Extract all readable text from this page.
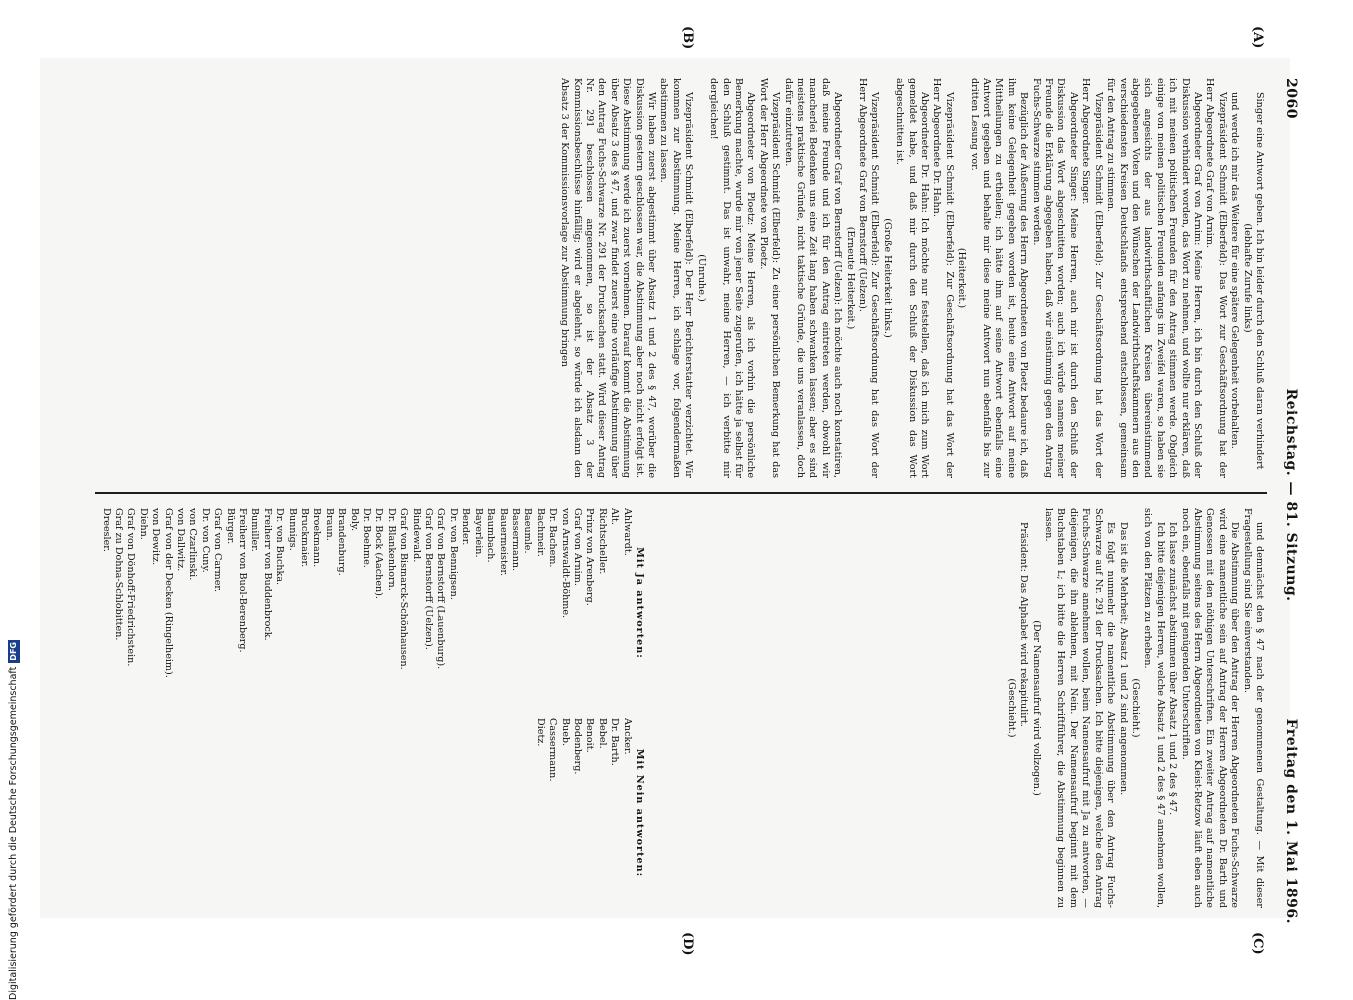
2060
Reichstag. — 81. Sitzung.
Freitag den 1. Mai 1896.
(A)
(B)
(C)
(D)

Singer eine Antwort geben. Ich bin leider durch den Schluß daran verhindert

(lebhafte Zurufe links)

und werde ich mir das Weitere für eine spätere Gelegenheit vorbehalten.

Vizepräsident Schmidt (Elberfeld): Das Wort zur Geschäftsordnung hat der Herr Abgeordnete Graf von Arnim.

Abgeordneter Graf von Arnim: Meine Herren, ich bin durch den Schluß der Diskussion verhindert worden, das Wort zu nehmen, und wollte nur erklären, daß ich mit meinen politischen Freunden für den Antrag stimmen werde. Obgleich einige von meinen politischen Freunden anfangs im Zweifel waren, so haben sie sich angesichts der aus landwirthschaftlichen Kreisen übereinstimmend abgegebenen Voten und den Wünschen der Landwirthschaftskammern aus den verschiedensten Kreisen Deutschlands entsprechend entschlossen, gemeinsam für den Antrag zu stimmen.

Vizepräsident Schmidt (Elberfeld): Zur Geschäftsordnung hat das Wort der Herr Abgeordnete Singer.

Abgeordneter Singer: Meine Herren, auch mir ist durch den Schluß der Diskussion das Wort abgeschnitten worden; auch ich würde namens meiner Freunde die Erklärung abgegeben haben, daß wir einstimmig gegen den Antrag Fuchs-Schwarze stimmen werden.

Bezüglich der Äußerung des Herrn Abgeordneten von Ploetz bedaure ich, daß ihm keine Gelegenheit gegeben worden ist, heute eine Antwort auf meine Mittheilungen zu ertheilen; ich hätte ihm auf seine Antwort ebenfalls eine Antwort gegeben und behalte mir diese meine Antwort nun ebenfalls bis zur dritten Lesung vor.

(Heiterkeit.)

Vizepräsident Schmidt (Elberfeld): Zur Geschäftsordnung hat das Wort der Herr Abgeordnete Dr. Hahn.

Abgeordneter Dr. Hahn: Ich möchte nur feststellen, daß ich mich zum Wort gemeldet habe, und daß mir durch den Schluß der Diskussion das Wort abgeschnitten ist.

(Große Heiterkeit links.)

Vizepräsident Schmidt (Elberfeld): Zur Geschäftsordnung hat das Wort der Herr Abgeordnete Graf von Bernstorff (Uelzen).

(Erneute Heiterkeit.)

Abgeordneter Graf von Bernstorff (Uelzen): Ich möchte auch noch konstatiren, daß meine Freunde und ich für den Antrag eintreten werden, obwohl wir mancherlei Bedenken uns eine Zeit lang haben schwanken lassen; aber es sind meistens praktische Gründe, nicht taktische Gründe, die uns veranlassen, doch dafür einzutreten.

Vizepräsident Schmidt (Elberfeld): Zu einer persönlichen Bemerkung hat das Wort der Herr Abgeordnete von Ploetz.

Abgeordneter von Ploetz: Meine Herren, als ich vorhin die persönliche Bemerkung machte, wurde mir von jener Seite zugerufen, ich hätte ja selbst für den Schluß gestimmt. Das ist unwahr, meine Herren, — ich verbitte mir dergleichen!

(Unruhe.)

Vizepräsident Schmidt (Elberfeld): Der Herr Berichterstatter verzichtet. Wir kommen zur Abstimmung. Meine Herren, ich schlage vor, folgendermaßen abstimmen zu lassen.

Wir haben zuerst abgestimmt über Absatz 1 und 2 des § 47, worüber die Diskussion gestern geschlossen war, die Abstimmung aber noch nicht erfolgt ist. Diese Abstimmung werde ich zuerst vornehmen. Darauf kommt die Abstimmung über Absatz 3 des § 47, und zwar findet zuerst eine vorläufige Abstimmung über den Antrag Fuchs-Schwarze Nr. 291 der Drucksachen statt. Wird dieser Antrag Nr. 291 beschlossen angenommen, so ist der Absatz 3 der Kommissionsbeschlüsse hinfällig; wird er abgelehnt, so würde ich alsdann den Absatz 3 der Kommissionsvorlage zur Abstimmung bringen

und demnächst den § 47 nach der genommenen Gestaltung. — Mit dieser Fragestellung sind Sie einverstanden.

Die Abstimmung über den Antrag der Herren Abgeordneten Fuchs-Schwarze wird eine namentliche sein auf Antrag der Herren Abgeordneten Dr. Barth und Genossen mit den nöthigen Unterschriften. Ein zweiter Antrag auf namentliche Abstimmung seitens des Herrn Abgeordneten von Kleist-Retzow läuft eben auch noch ein, ebenfalls mit genügenden Unterschriften.

Ich lasse zunächst abstimmen über Absatz 1 und 2 des § 47.

Ich bitte diejenigen Herren, welche Absatz 1 und 2 des § 47 annehmen wollen, sich von den Plätzen zu erheben.

(Geschieht.)

Das ist die Mehrheit; Absatz 1 und 2 sind angenommen.

Es folgt nunmehr die namentliche Abstimmung über den Antrag Fuchs-Schwarze auf Nr. 291 der Drucksachen. Ich bitte diejenigen, welche den Antrag Fuchs-Schwarze annehmen wollen, beim Namensaufruf mit Ja zu antworten, — diejenigen, die ihn ablehnen, mit Nein. Der Namensaufruf beginnt mit dem Buchstaben L; ich bitte die Herren Schriftführer, die Abstimmung beginnen zu lassen.

(Der Namensaufruf wird vollzogen.)

Präsident: Das Alphabet wird rekapitulirt.

(Geschieht.)

Mit Ja antworten:

Ahlwardt.

Alt.

Richtscheller.

Prinz von Arenberg.

Graf von Arnim.

von Arnswaldt-Böhme.

Dr. Bachem.

Bachmeir.

Baeumle.

Bassermann.

Bauermeister.

Baumbach.

Bayerlein.

Bender.

Dr. von Bennigsen.

Graf von Bernstorff (Lauenburg).

Graf von Bernstorff (Uelzen).

Bindewald.

Graf von Bismarck-Schönhausen.

Dr. Blankenhorn.

Dr. Bock (Aachen).

Dr. Boehme.

Boly.

Brandenburg.

Braun.

Broekmann.

Bruckmaier.

Bunnigs.

Dr. von Buchka.

Freiherr von Buddenbrock.

Bumiller.

Freiherr von Buol-Berenberg.

Bürger.

Graf von Carmer.

Dr. von Cuny.

von Czarlinski.

von Dallwitz.

Graf von der Decken (Ringelheim).

von Dewitz.

Diehn.

Graf von Dönhoff-Friedrichstein.

Graf zu Dohna-Schlobitten.

Dreesler.

Mit Nein antworten:

Ancker.

Dr. Barth.

Bebel.

Benoit.

Bodenberg.

Bueb.

Cassermann.

Dietz.

Digitalisierung gefördert durch die Deutsche ForschungsgemeinschaftDFG
